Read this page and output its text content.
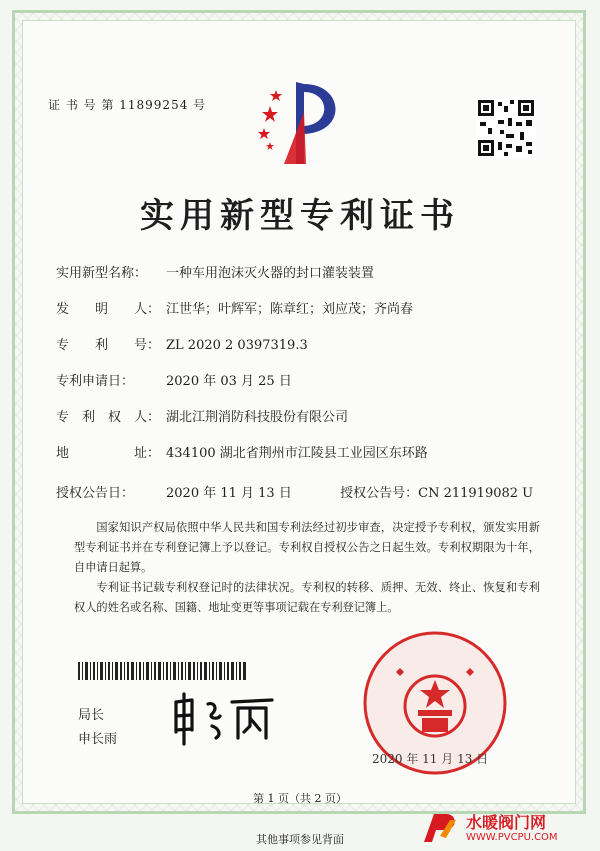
证 书 号 第 11899254 号
实用新型专利证书
实用新型名称： 一种车用泡沫灭火器的封口灌装装置
发　　明　　人： 江世华；叶辉军；陈章红；刘应茂；齐尚春
专　　利　　号： ZL 2020 2 0397319.3
专利申请日： 2020 年 03 月 25 日
专　利　权　人： 湖北江荆消防科技股份有限公司
地　　　　　址： 434100 湖北省荆州市江陵县工业园区东环路
授权公告日： 2020 年 11 月 13 日	授权公告号：CN 211919082 U
国家知识产权局依照中华人民共和国专利法经过初步审查，决定授予专利权，颁发实用新型专利证书并在专利登记簿上予以登记。专利权自授权公告之日起生效。专利权期限为十年，自申请日起算。
专利证书记载专利权登记时的法律状况。专利权的转移、质押、无效、终止、恢复和专利权人的姓名或名称、国籍、地址变更等事项记载在专利登记簿上。
局长
申长雨
2020 年 11 月 13 日
第 1 页（共 2 页）
其他事项参见背面
水暖阀门网
WWW.PVCPU.COM
